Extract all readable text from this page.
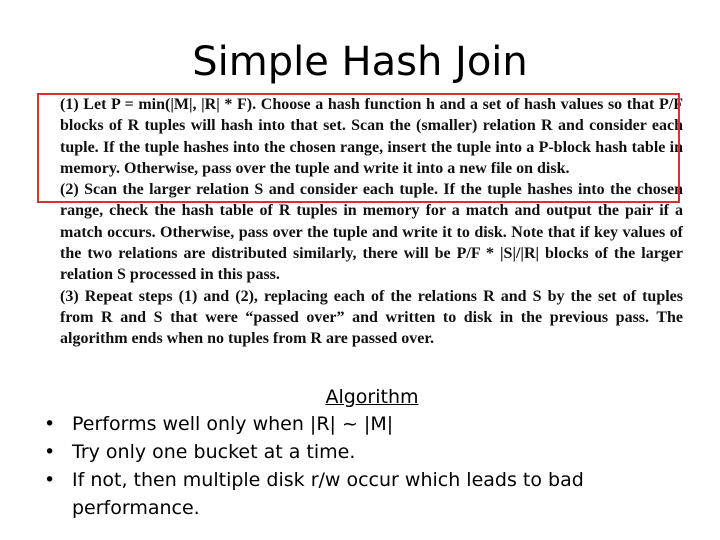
Simple Hash Join

(1) Let P = min(|M|, |R| * F). Choose a hash function h and a set of hash values so that P/F blocks of R tuples will hash into that set. Scan the (smaller) relation R and consider each tuple. If the tuple hashes into the chosen range, insert the tuple into a P-block hash table in memory. Otherwise, pass over the tuple and write it into a new file on disk.

(2) Scan the larger relation S and consider each tuple. If the tuple hashes into the chosen range, check the hash table of R tuples in memory for a match and output the pair if a match occurs. Otherwise, pass over the tuple and write it to disk. Note that if key values of the two relations are distributed similarly, there will be P/F * |S|/|R| blocks of the larger relation S processed in this pass.

(3) Repeat steps (1) and (2), replacing each of the relations R and S by the set of tuples from R and S that were “passed over” and written to disk in the previous pass. The algorithm ends when no tuples from R are passed over.

Algorithm
• Performs well only when |R| ~ |M|
• Try only one bucket at a time.
• If not, then multiple disk r/w occur which leads to bad performance.
